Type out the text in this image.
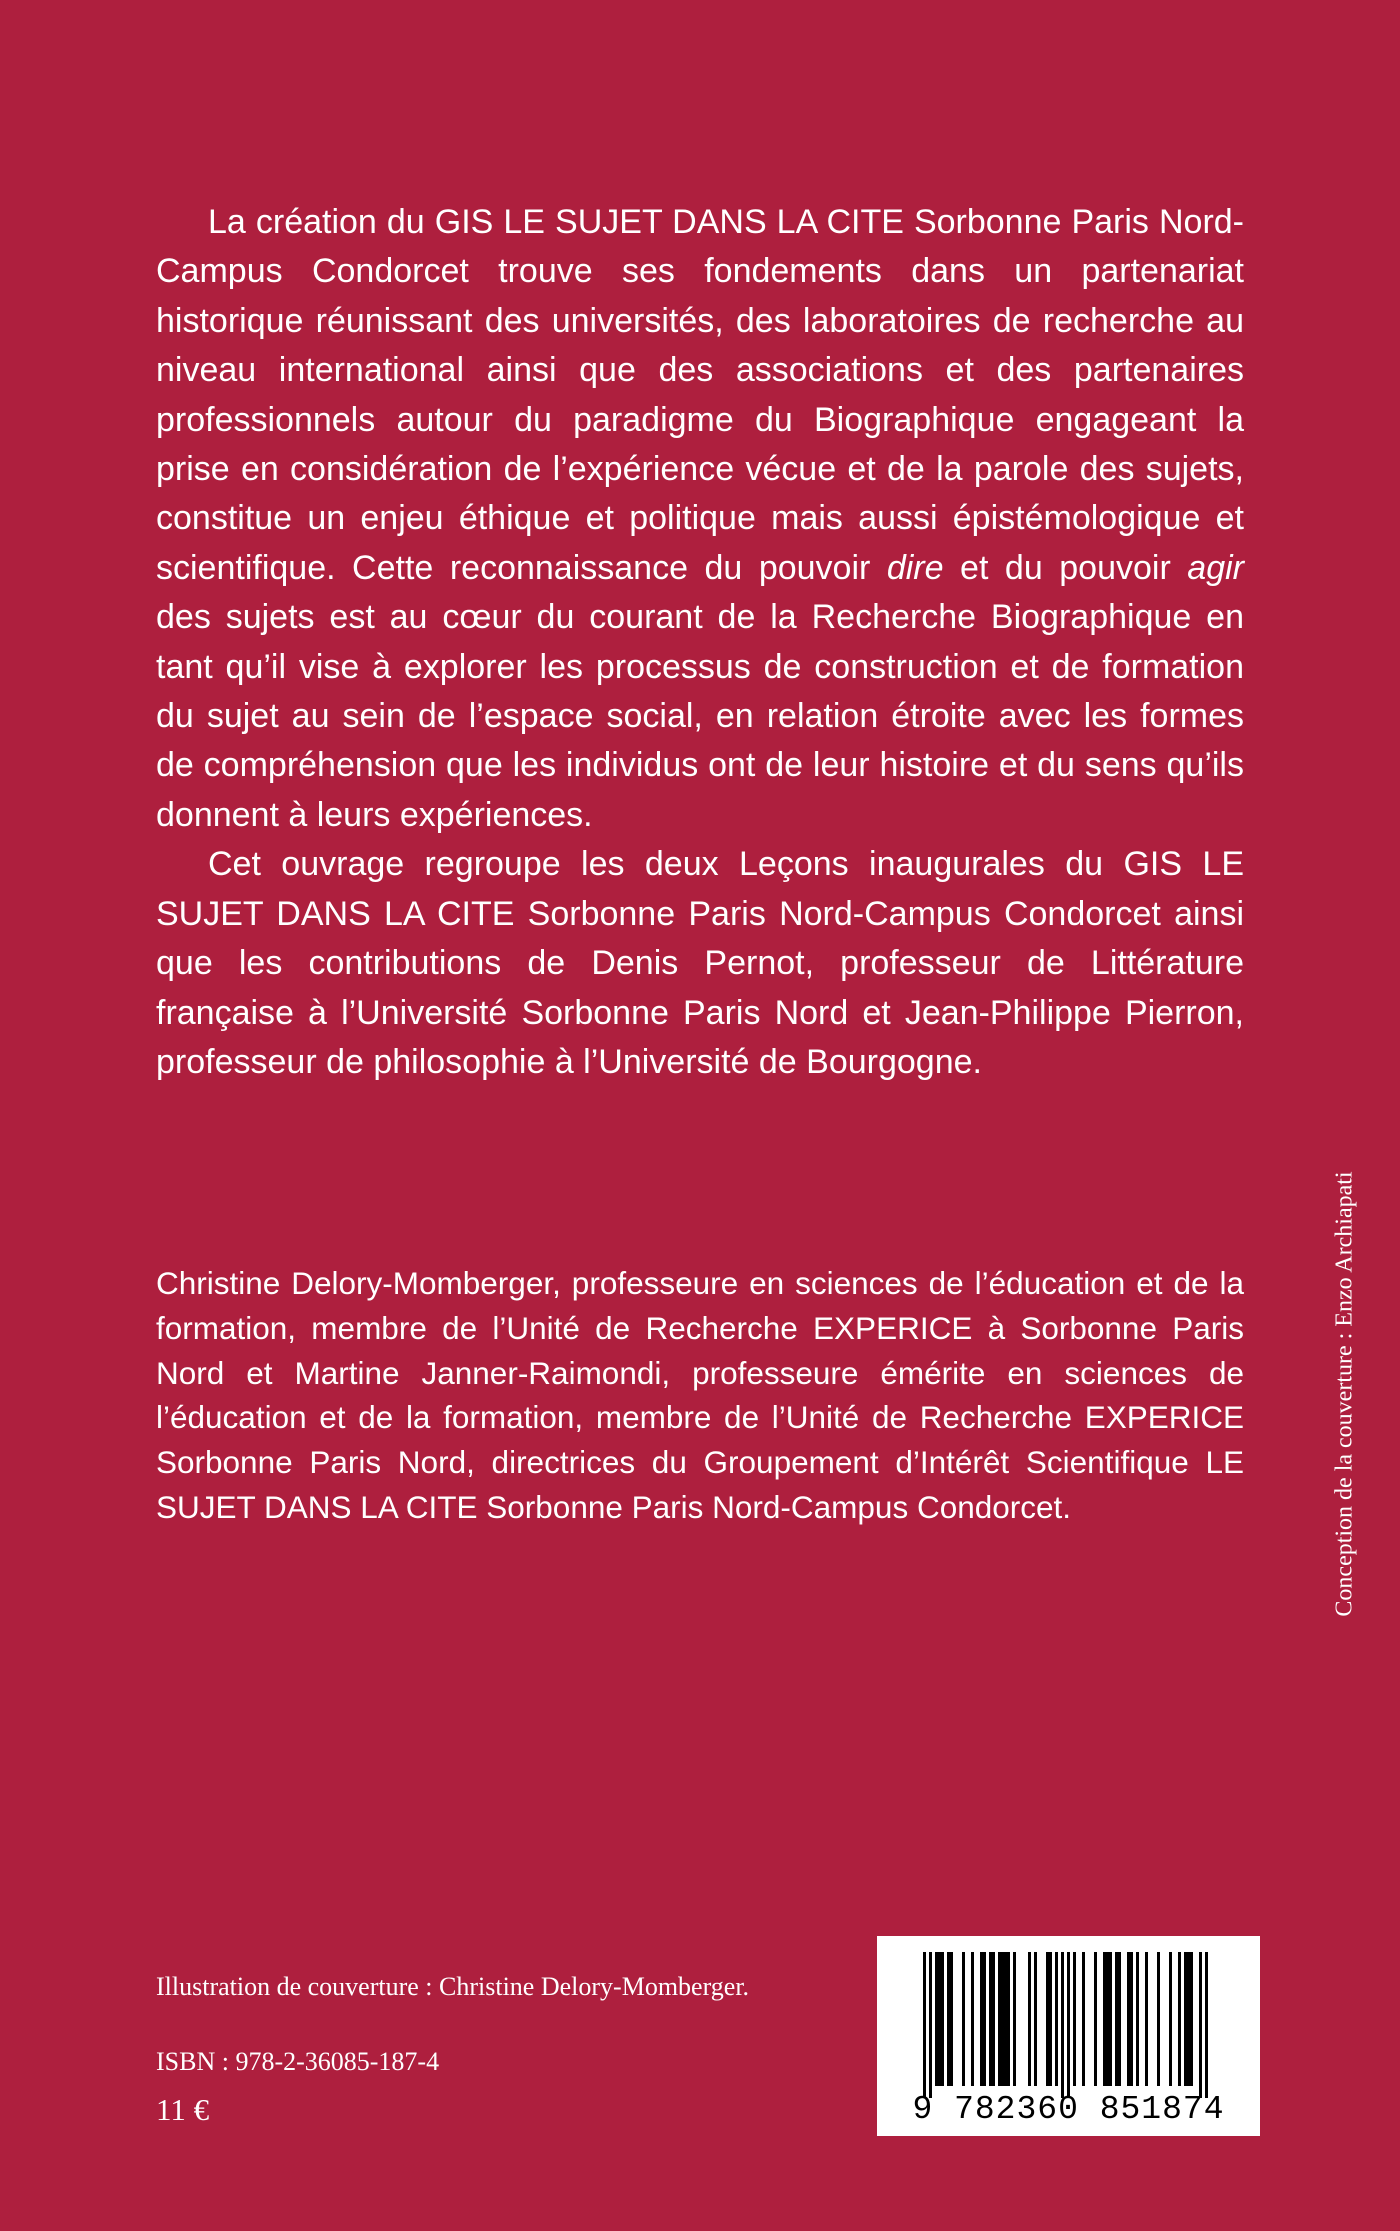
La création du GIS LE SUJET DANS LA CITE Sorbonne Paris Nord-Campus Condorcet trouve ses fondements dans un partenariat historique réunissant des universités, des laboratoires de recherche au niveau international ainsi que des associations et des partenaires professionnels autour du paradigme du Biographique engageant la prise en considération de l’expérience vécue et de la parole des sujets, constitue un enjeu éthique et politique mais aussi épistémologique et scientifique. Cette reconnaissance du pouvoir dire et du pouvoir agir des sujets est au cœur du courant de la Recherche Biographique en tant qu’il vise à explorer les processus de construction et de formation du sujet au sein de l’espace social, en relation étroite avec les formes de compréhension que les individus ont de leur histoire et du sens qu’ils donnent à leurs expériences.

Cet ouvrage regroupe les deux Leçons inaugurales du GIS LE SUJET DANS LA CITE Sorbonne Paris Nord-Campus Condorcet ainsi que les contributions de Denis Pernot, professeur de Littérature française à l’Université Sorbonne Paris Nord et Jean-Philippe Pierron, professeur de philosophie à l’Université de Bourgogne.

Christine Delory-Momberger, professeure en sciences de l’éducation et de la formation, membre de l’Unité de Recherche EXPERICE à Sorbonne Paris Nord et Martine Janner-Raimondi, professeure émérite en sciences de l’éducation et de la formation, membre de l’Unité de Recherche EXPERICE Sorbonne Paris Nord, directrices du Groupement d’Intérêt Scientifique LE SUJET DANS LA CITE Sorbonne Paris Nord-Campus Condorcet.

Illustration de couverture : Christine Delory-Momberger.
ISBN : 978-2-36085-187-4
11 €
Conception de la couverture : Enzo Archiapati
9 782360 851874
